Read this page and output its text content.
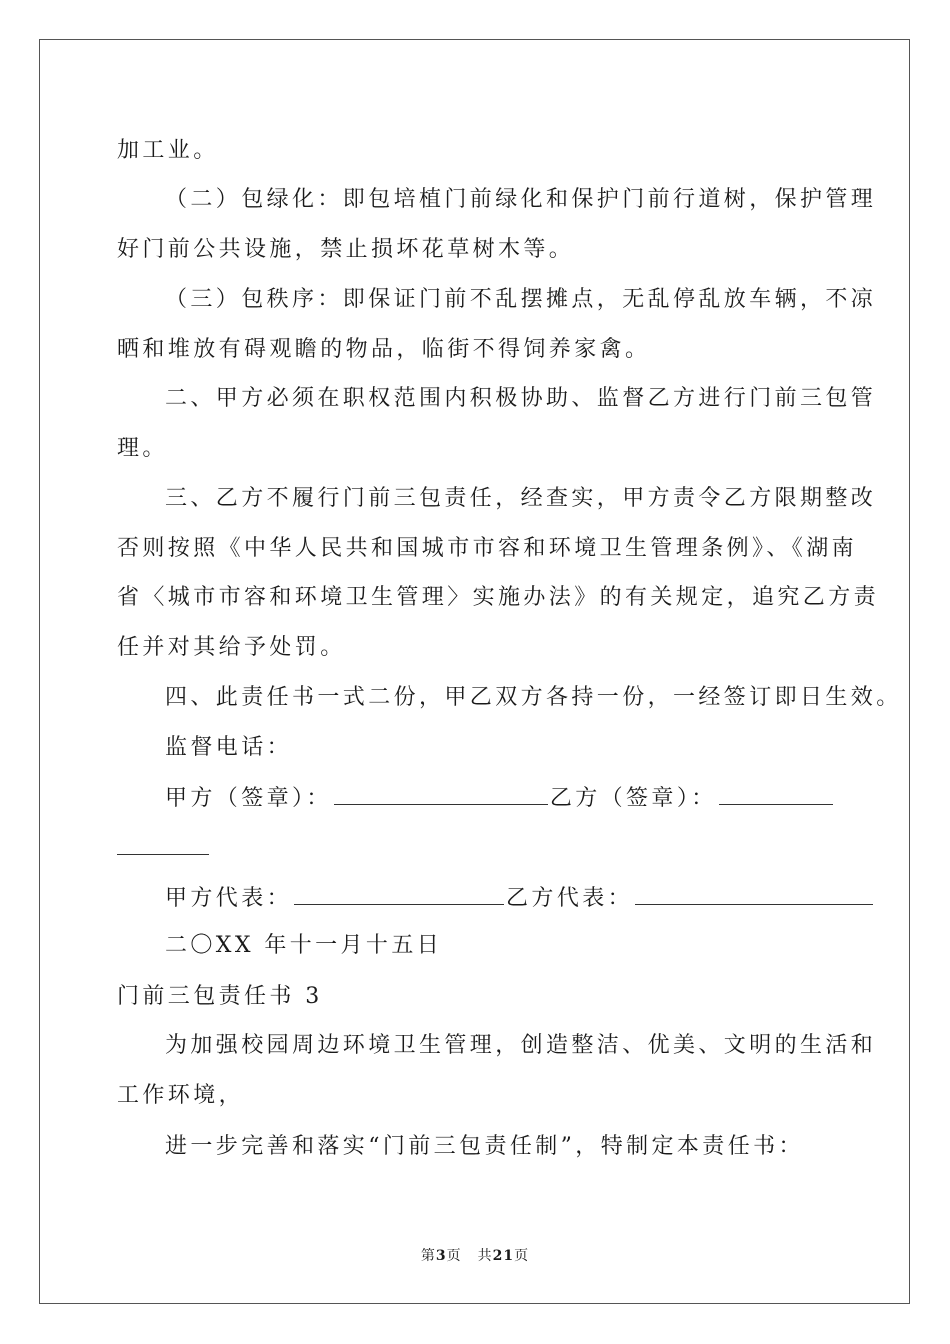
加工业。
（二）包绿化：即包培植门前绿化和保护门前行道树，保护管理
好门前公共设施，禁止损坏花草树木等。
（三）包秩序：即保证门前不乱摆摊点，无乱停乱放车辆，不凉
晒和堆放有碍观瞻的物品，临街不得饲养家禽。
二、甲方必须在职权范围内积极协助、监督乙方进行门前三包管
理。
三、乙方不履行门前三包责任，经查实，甲方责令乙方限期整改
否则按照《中华人民共和国城市市容和环境卫生管理条例》、《湖南
省〈城市市容和环境卫生管理〉实施办法》的有关规定，追究乙方责
任并对其给予处罚。
四、此责任书一式二份，甲乙双方各持一份，一经签订即日生效。
监督电话：
甲方（签章）：	乙方（签章）：
甲方代表：	乙方代表：
二〇XX 年十一月十五日
门前三包责任书 3
为加强校园周边环境卫生管理，创造整洁、优美、文明的生活和
工作环境，
进一步完善和落实“门前三包责任制”，特制定本责任书：
第3页 共21页
